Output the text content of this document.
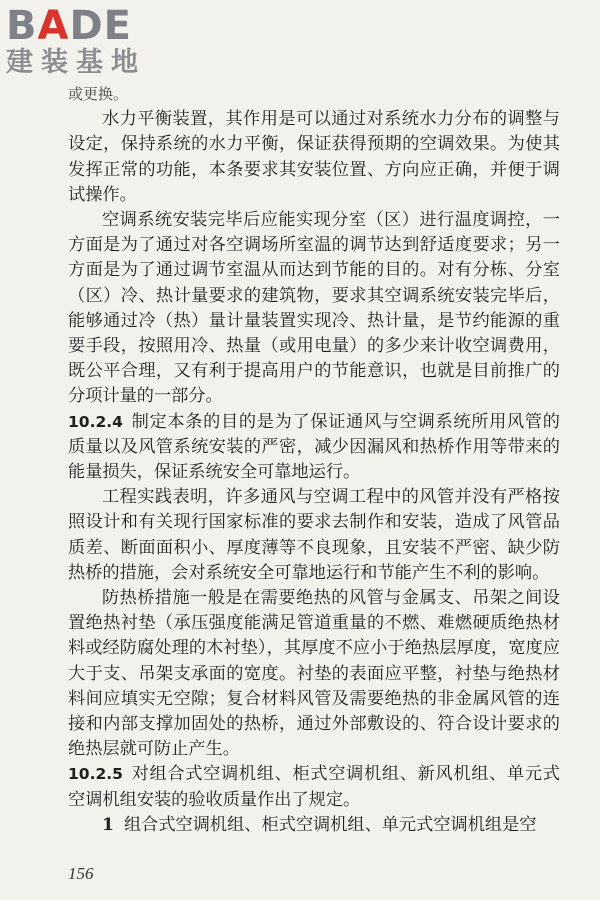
BADE
建装基地

或更换。

水力平衡装置，其作用是可以通过对系统水力分布的调整与设定，保持系统的水力平衡，保证获得预期的空调效果。为使其发挥正常的功能，本条要求其安装位置、方向应正确，并便于调试操作。

空调系统安装完毕后应能实现分室（区）进行温度调控，一方面是为了通过对各空调场所室温的调节达到舒适度要求；另一方面是为了通过调节室温从而达到节能的目的。对有分栋、分室（区）冷、热计量要求的建筑物，要求其空调系统安装完毕后，能够通过冷（热）量计量装置实现冷、热计量，是节约能源的重要手段，按照用冷、热量（或用电量）的多少来计收空调费用，既公平合理，又有利于提高用户的节能意识，也就是目前推广的分项计量的一部分。

10.2.4 制定本条的目的是为了保证通风与空调系统所用风管的质量以及风管系统安装的严密，减少因漏风和热桥作用等带来的能量损失，保证系统安全可靠地运行。

工程实践表明，许多通风与空调工程中的风管并没有严格按照设计和有关现行国家标准的要求去制作和安装，造成了风管品质差、断面面积小、厚度薄等不良现象，且安装不严密、缺少防热桥的措施，会对系统安全可靠地运行和节能产生不利的影响。

防热桥措施一般是在需要绝热的风管与金属支、吊架之间设置绝热衬垫（承压强度能满足管道重量的不燃、难燃硬质绝热材料或经防腐处理的木衬垫），其厚度不应小于绝热层厚度，宽度应大于支、吊架支承面的宽度。衬垫的表面应平整，衬垫与绝热材料间应填实无空隙；复合材料风管及需要绝热的非金属风管的连接和内部支撑加固处的热桥，通过外部敷设的、符合设计要求的绝热层就可防止产生。

10.2.5 对组合式空调机组、柜式空调机组、新风机组、单元式空调机组安装的验收质量作出了规定。

1 组合式空调机组、柜式空调机组、单元式空调机组是空

156
